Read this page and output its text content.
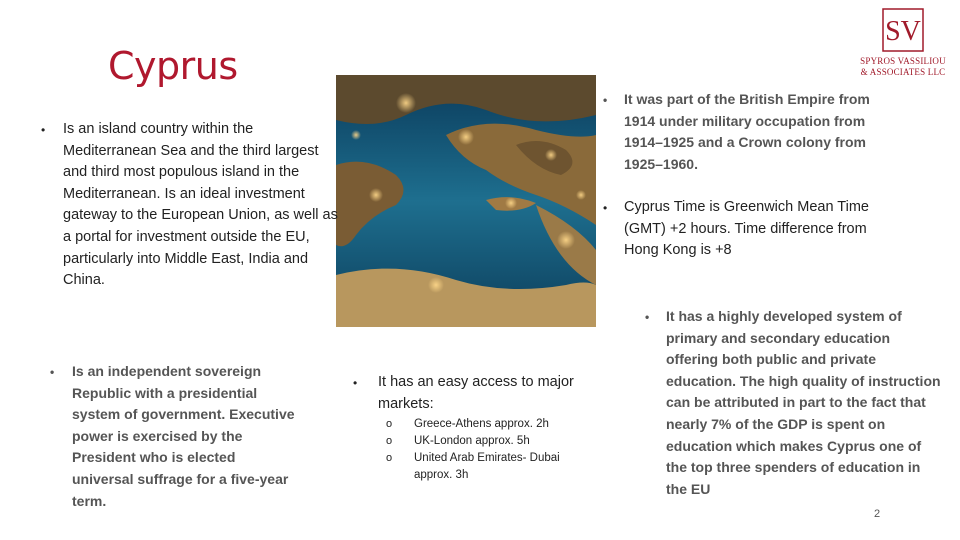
Cyprus
SV
SPYROS VASSILIOU
& ASSOCIATES LLC
•	Is an island country within the Mediterranean Sea and the third largest and third most populous island in the Mediterranean. Is an ideal investment gateway to the European Union, as well as a portal for investment outside the EU, particularly into Middle East, India and China.
•	Is an independent sovereign Republic with a presidential system of government. Executive power is exercised by the President who is elected universal suffrage for a five-year term.
•	It has an easy access to major markets:
o Greece-Athens approx. 2h
o UK-London approx. 5h
o United Arab Emirates- Dubai approx. 3h
•	It was part of the British Empire from 1914 under military occupation from 1914–1925 and a Crown colony from 1925–1960.
•	Cyprus Time is Greenwich Mean Time (GMT) +2 hours. Time difference from Hong Kong is +8
•	It has a highly developed system of primary and secondary education offering both public and private education. The high quality of instruction can be attributed in part to the fact that nearly 7% of the GDP is spent on education which makes Cyprus one of the top three spenders of education in the EU
2
